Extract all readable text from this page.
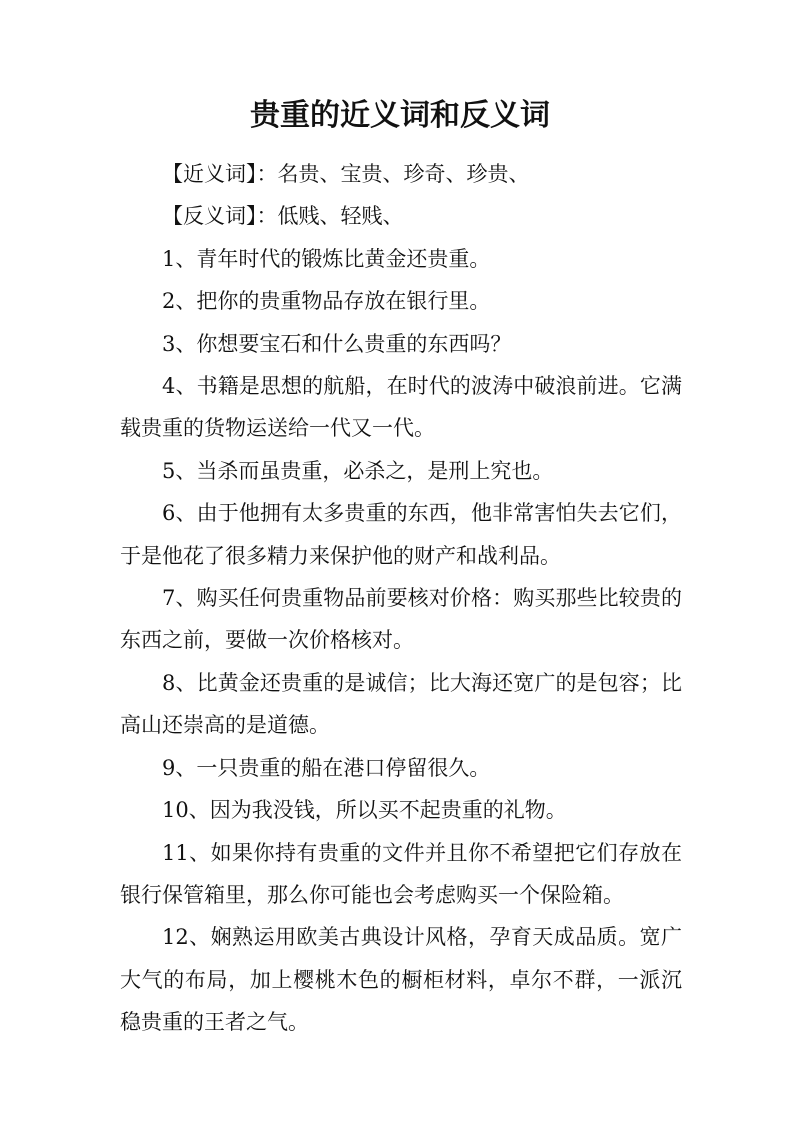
贵重的近义词和反义词

【近义词】：名贵、宝贵、珍奇、珍贵、

【反义词】：低贱、轻贱、

1、青年时代的锻炼比黄金还贵重。

2、把你的贵重物品存放在银行里。

3、你想要宝石和什么贵重的东西吗？

4、书籍是思想的航船，在时代的波涛中破浪前进。它满载贵重的货物运送给一代又一代。

5、当杀而虽贵重，必杀之，是刑上究也。

6、由于他拥有太多贵重的东西，他非常害怕失去它们，于是他花了很多精力来保护他的财产和战利品。

7、购买任何贵重物品前要核对价格：购买那些比较贵的东西之前，要做一次价格核对。

8、比黄金还贵重的是诚信；比大海还宽广的是包容；比高山还崇高的是道德。

9、一只贵重的船在港口停留很久。

10、因为我没钱，所以买不起贵重的礼物。

11、如果你持有贵重的文件并且你不希望把它们存放在银行保管箱里，那么你可能也会考虑购买一个保险箱。

12、娴熟运用欧美古典设计风格，孕育天成品质。宽广大气的布局，加上樱桃木色的橱柜材料，卓尔不群，一派沉稳贵重的王者之气。
